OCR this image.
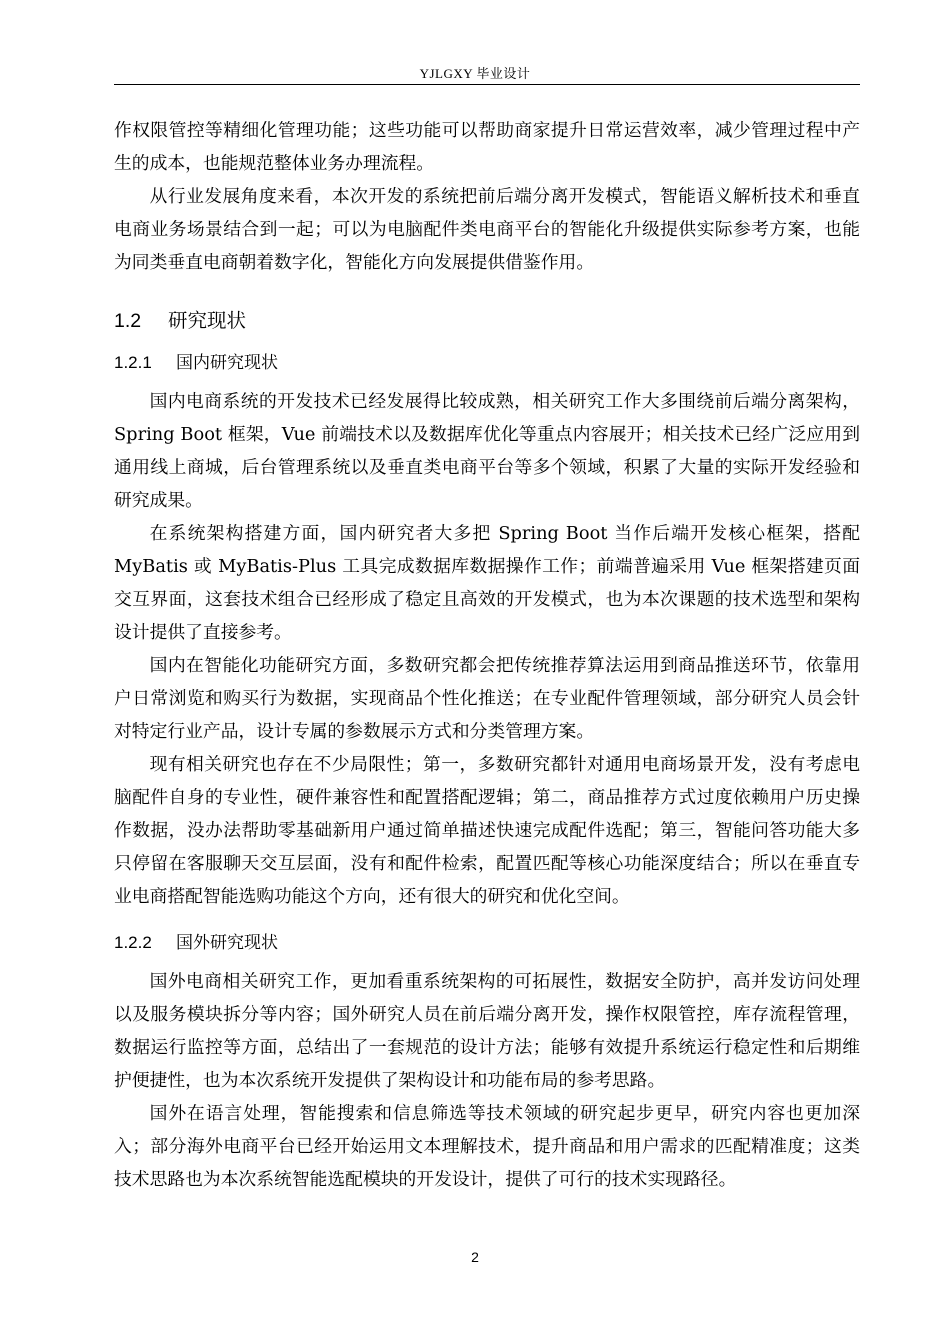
YJLGXY 毕业设计

作权限管控等精细化管理功能；这些功能可以帮助商家提升日常运营效率，减少管理过程中产生的成本，也能规范整体业务办理流程。

从行业发展角度来看，本次开发的系统把前后端分离开发模式，智能语义解析技术和垂直电商业务场景结合到一起；可以为电脑配件类电商平台的智能化升级提供实际参考方案，也能为同类垂直电商朝着数字化，智能化方向发展提供借鉴作用。

1.2 研究现状
1.2.1 国内研究现状

国内电商系统的开发技术已经发展得比较成熟，相关研究工作大多围绕前后端分离架构，Spring Boot 框架，Vue 前端技术以及数据库优化等重点内容展开；相关技术已经广泛应用到通用线上商城，后台管理系统以及垂直类电商平台等多个领域，积累了大量的实际开发经验和研究成果。

在系统架构搭建方面，国内研究者大多把 Spring Boot 当作后端开发核心框架，搭配 MyBatis 或 MyBatis-Plus 工具完成数据库数据操作工作；前端普遍采用 Vue 框架搭建页面交互界面，这套技术组合已经形成了稳定且高效的开发模式，也为本次课题的技术选型和架构设计提供了直接参考。

国内在智能化功能研究方面，多数研究都会把传统推荐算法运用到商品推送环节，依靠用户日常浏览和购买行为数据，实现商品个性化推送；在专业配件管理领域，部分研究人员会针对特定行业产品，设计专属的参数展示方式和分类管理方案。

现有相关研究也存在不少局限性；第一，多数研究都针对通用电商场景开发，没有考虑电脑配件自身的专业性，硬件兼容性和配置搭配逻辑；第二，商品推荐方式过度依赖用户历史操作数据，没办法帮助零基础新用户通过简单描述快速完成配件选配；第三，智能问答功能大多只停留在客服聊天交互层面，没有和配件检索，配置匹配等核心功能深度结合；所以在垂直专业电商搭配智能选购功能这个方向，还有很大的研究和优化空间。

1.2.2 国外研究现状

国外电商相关研究工作，更加看重系统架构的可拓展性，数据安全防护，高并发访问处理以及服务模块拆分等内容；国外研究人员在前后端分离开发，操作权限管控，库存流程管理，数据运行监控等方面，总结出了一套规范的设计方法；能够有效提升系统运行稳定性和后期维护便捷性，也为本次系统开发提供了架构设计和功能布局的参考思路。

国外在语言处理，智能搜索和信息筛选等技术领域的研究起步更早，研究内容也更加深入；部分海外电商平台已经开始运用文本理解技术，提升商品和用户需求的匹配精准度；这类技术思路也为本次系统智能选配模块的开发设计，提供了可行的技术实现路径。

2
